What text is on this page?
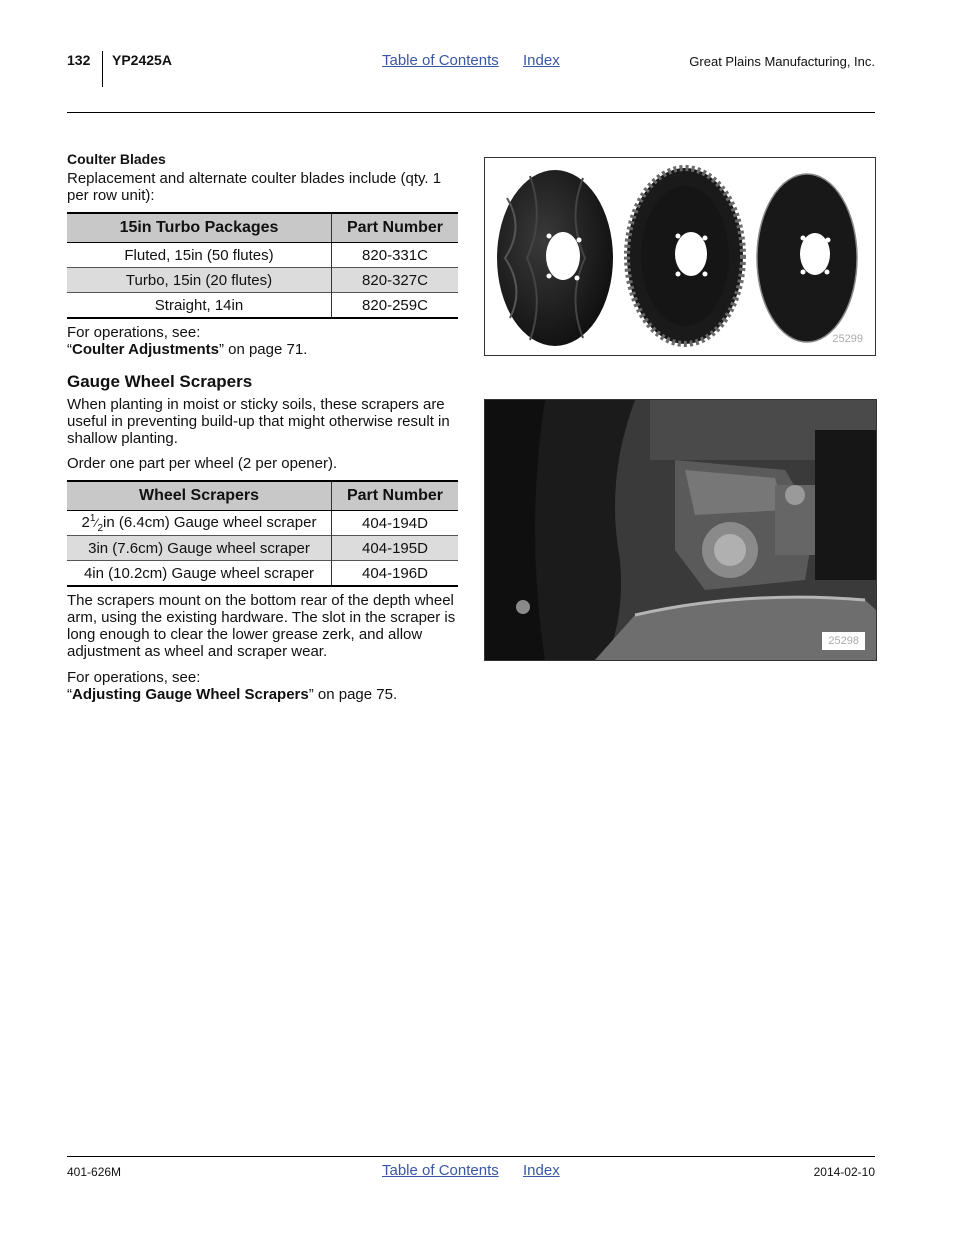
132 YP2425A	Table of Contents Index	Great Plains Manufacturing, Inc.
Coulter Blades
Replacement and alternate coulter blades include (qty. 1 per row unit):
15in Turbo Packages	Part Number
Fluted, 15in (50 flutes)	820-331C
Turbo, 15in (20 flutes)	820-327C
Straight, 14in	820-259C
For operations, see:
“Coulter Adjustments” on page 71.
25299
Gauge Wheel Scrapers
When planting in moist or sticky soils, these scrapers are useful in preventing build-up that might otherwise result in shallow planting.
Order one part per wheel (2 per opener).
Wheel Scrapers	Part Number
$2^1⁄_2in$ (6.4cm) Gauge wheel scraper	404-194D
3in (7.6cm) Gauge wheel scraper	404-195D
4in (10.2cm) Gauge wheel scraper	404-196D
The scrapers mount on the bottom rear of the depth wheel arm, using the existing hardware. The slot in the scraper is long enough to clear the lower grease zerk, and allow adjustment as wheel and scraper wear.
For operations, see:
“Adjusting Gauge Wheel Scrapers” on page 75.
25298
401-626M	Table of Contents Index	2014-02-10
